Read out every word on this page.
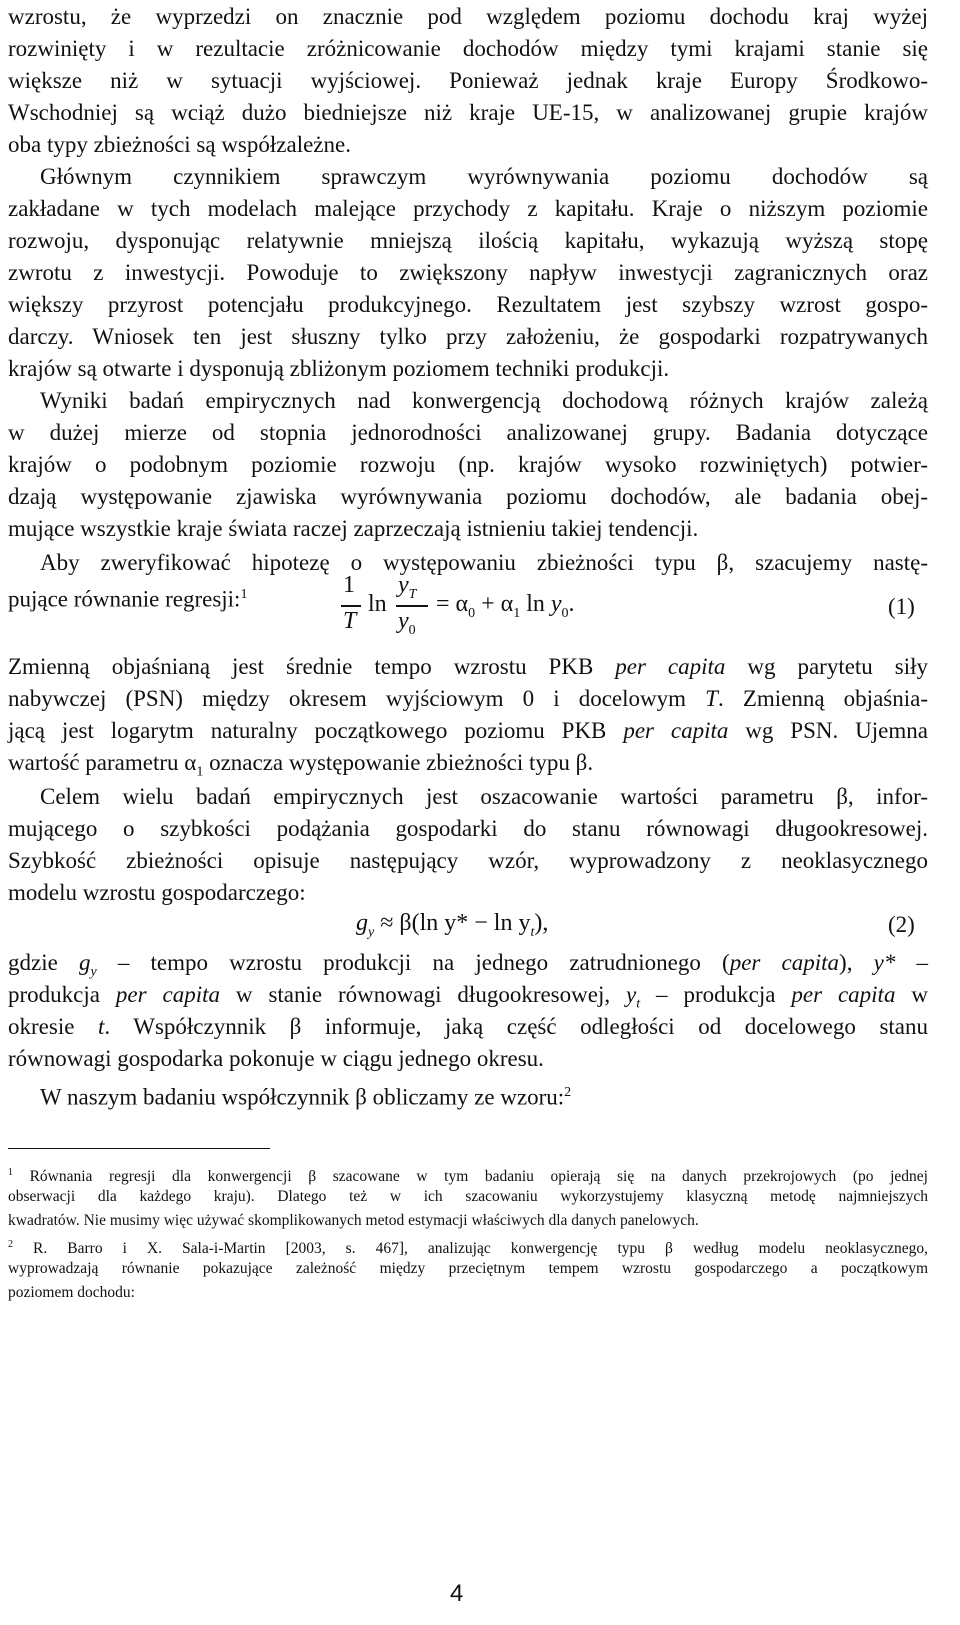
wzrostu, że wyprzedzi on znacznie pod względem poziomu dochodu kraj wyżej

rozwinięty i w rezultacie zróżnicowanie dochodów między tymi krajami stanie się

większe niż w sytuacji wyjściowej. Ponieważ jednak kraje Europy Środkowo-

Wschodniej są wciąż dużo biedniejsze niż kraje UE-15, w analizowanej grupie krajów

oba typy zbieżności są współzależne.

Głównym czynnikiem sprawczym wyrównywania poziomu dochodów są

zakładane w tych modelach malejące przychody z kapitału. Kraje o niższym poziomie

rozwoju, dysponując relatywnie mniejszą ilością kapitału, wykazują wyższą stopę

zwrotu z inwestycji. Powoduje to zwiększony napływ inwestycji zagranicznych oraz

większy przyrost potencjału produkcyjnego. Rezultatem jest szybszy wzrost gospo-

darczy. Wniosek ten jest słuszny tylko przy założeniu, że gospodarki rozpatrywanych

krajów są otwarte i dysponują zbliżonym poziomem techniki produkcji.

Wyniki badań empirycznych nad konwergencją dochodową różnych krajów zależą

w dużej mierze od stopnia jednorodności analizowanej grupy. Badania dotyczące

krajów o podobnym poziomie rozwoju (np. krajów wysoko rozwiniętych) potwier-

dzają występowanie zjawiska wyrównywania poziomu dochodów, ale badania obej-

mujące wszystkie kraje świata raczej zaprzeczają istnieniu takiej tendencji.

Aby zweryfikować hipotezę o występowaniu zbieżności typu β, szacujemy nastę-

pujące równanie regresji:$^1$	1
T
ln
$y_T$
$y_0$
= $\alpha_0 + \alpha_1$ $\ln y_0$.	(1)

Zmienną objaśnianą jest średnie tempo wzrostu PKB per capita wg parytetu siły

nabywczej (PSN) między okresem wyjściowym 0 i docelowym T. Zmienną objaśnia-

jącą jest logarytm naturalny początkowego poziomu PKB per capita wg PSN. Ujemna

wartość parametru $\alpha_1$ oznacza występowanie zbieżności typu β.

Celem wielu badań empirycznych jest oszacowanie wartości parametru β, infor-

mującego o szybkości podążania gospodarki do stanu równowagi długookresowej.

Szybkość zbieżności opisuje następujący wzór, wyprowadzony z neoklasycznego

modelu wzrostu gospodarczego:

$g_y \approx \beta(\ln$ $y* - \ln y_t$),	(2)

gdzie $g_y$ – tempo wzrostu produkcji na jednego zatrudnionego (per capita), y* –

produkcja per capita w stanie równowagi długookresowej, $y_t$ – produkcja per capita w

okresie t. Współczynnik β informuje, jaką część odległości od docelowego stanu

równowagi gospodarka pokonuje w ciągu jednego okresu.

W naszym badaniu współczynnik β obliczamy ze wzoru:$^2$

$^1$ Równania regresji dla konwergencji β szacowane w tym badaniu opierają się na danych przekrojowych (po jednej

obserwacji dla każdego kraju). Dlatego też w ich szacowaniu wykorzystujemy klasyczną metodę najmniejszych

kwadratów. Nie musimy więc używać skomplikowanych metod estymacji właściwych dla danych panelowych.

$^2$ R. Barro i X. Sala-i-Martin [2003, s. 467], analizując konwergencję typu β według modelu neoklasycznego,

wyprowadzają równanie pokazujące zależność między przeciętnym tempem wzrostu gospodarczego a początkowym

poziomem dochodu:

4
